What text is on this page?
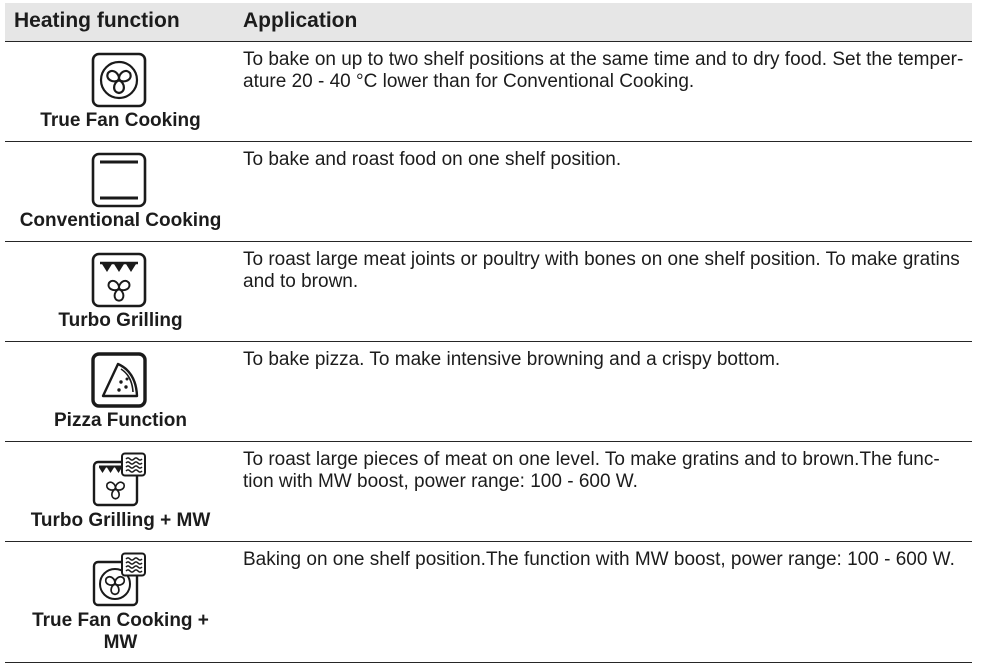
Heating function	Application
True Fan Cooking
To bake on up to two shelf positions at the same time and to dry food. Set the temper-
ature 20 - 40 °C lower than for Conventional Cooking.
Conventional Cooking
To bake and roast food on one shelf position.
Turbo Grilling
To roast large meat joints or poultry with bones on one shelf position. To make gratins
and to brown.
Pizza Function
To bake pizza. To make intensive browning and a crispy bottom.
Turbo Grilling + MW
To roast large pieces of meat on one level. To make gratins and to brown.The func-
tion with MW boost, power range: 100 - 600 W.
True Fan Cooking +
MW
Baking on one shelf position.The function with MW boost, power range: 100 - 600 W.
